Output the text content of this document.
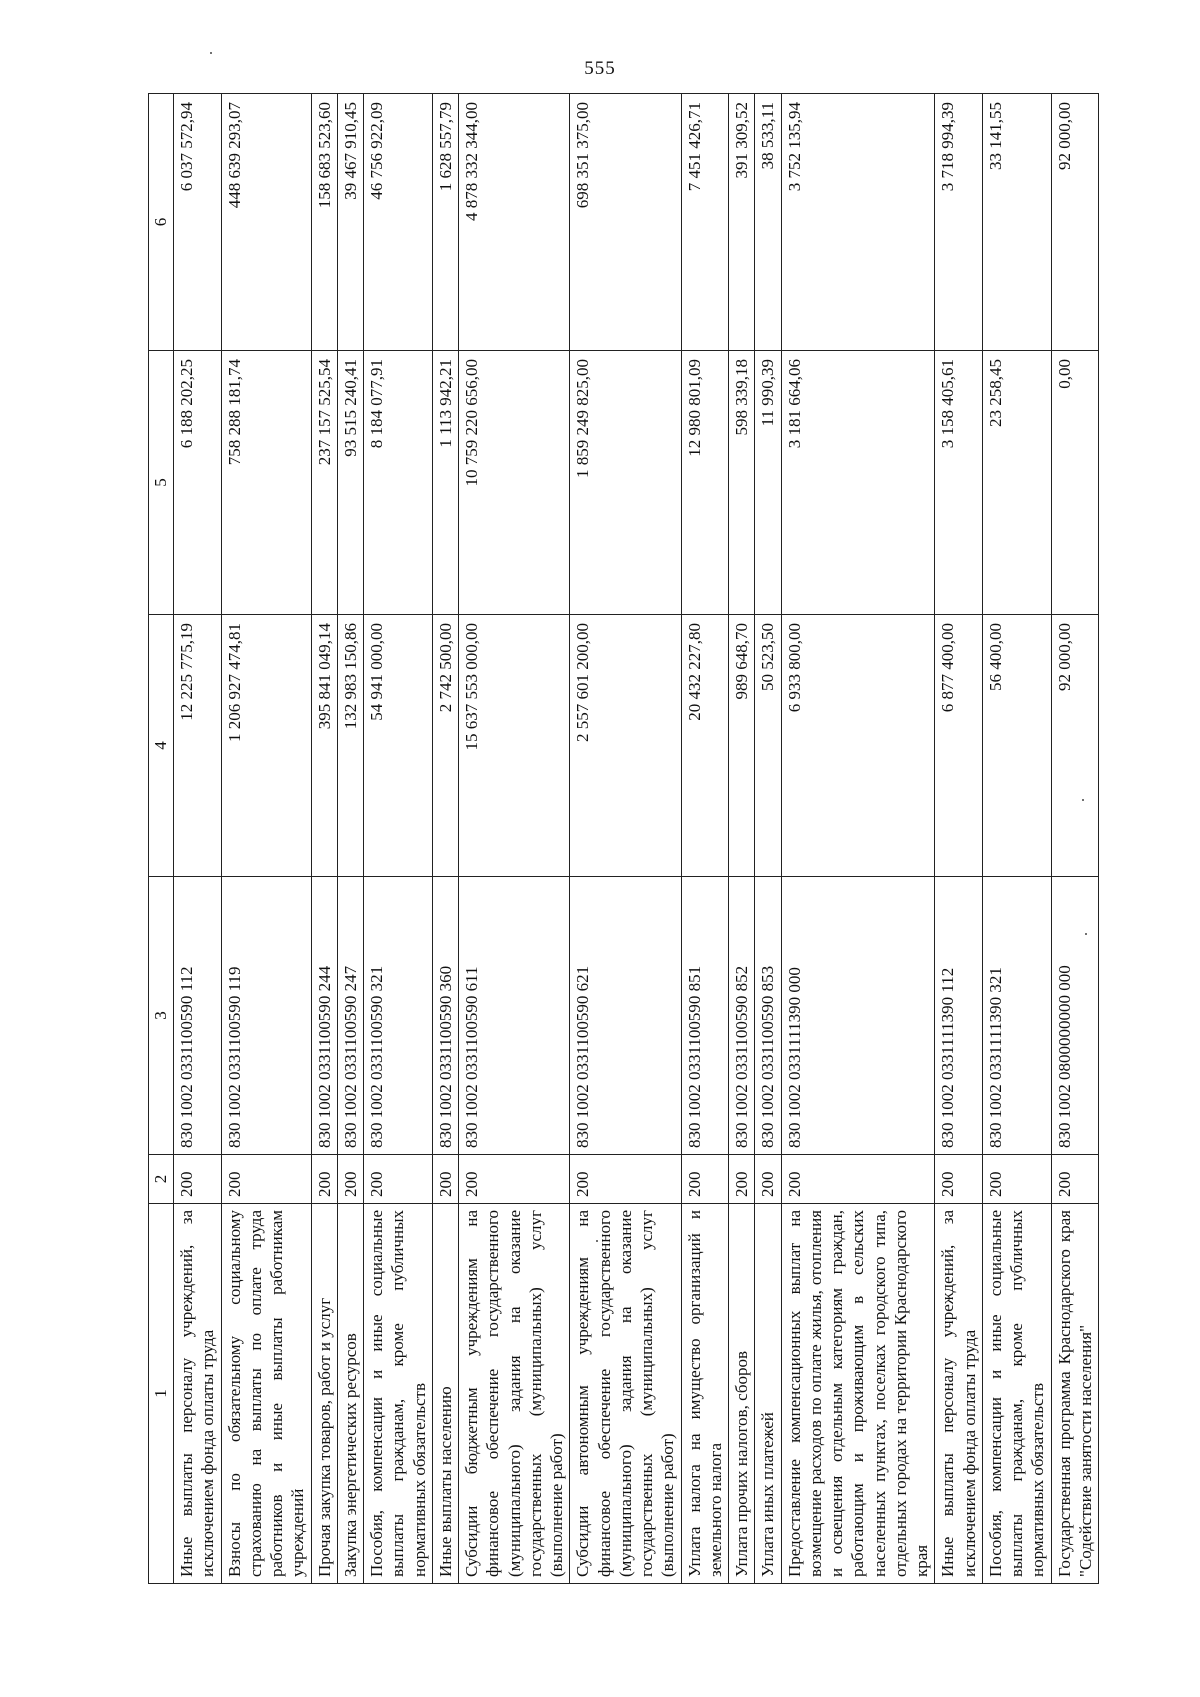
555
1	2	3	4	5	6
Иные выплаты персоналу учреждений, за исключением фонда оплаты труда	200	830 1002 0331100590 112	12 225 775,19	6 188 202,25	6 037 572,94
Взносы по обязательному социальному страхованию на выплаты по оплате труда работников и иные выплаты работникам учреждений	200	830 1002 0331100590 119	1 206 927 474,81	758 288 181,74	448 639 293,07
Прочая закупка товаров, работ и услуг	200	830 1002 0331100590 244	395 841 049,14	237 157 525,54	158 683 523,60
Закупка энергетических ресурсов	200	830 1002 0331100590 247	132 983 150,86	93 515 240,41	39 467 910,45
Пособия, компенсации и иные социальные выплаты гражданам, кроме публичных нормативных обязательств	200	830 1002 0331100590 321	54 941 000,00	8 184 077,91	46 756 922,09
Иные выплаты населению	200	830 1002 0331100590 360	2 742 500,00	1 113 942,21	1 628 557,79
Субсидии бюджетным учреждениям на финансовое обеспечение государственного (муниципального) задания на оказание государственных (муниципальных) услуг (выполнение работ)	200	830 1002 0331100590 611	15 637 553 000,00	10 759 220 656,00	4 878 332 344,00
Субсидии автономным учреждениям на финансовое обеспечение государственного (муниципального) задания на оказание государственных (муниципальных) услуг (выполнение работ)	200	830 1002 0331100590 621	2 557 601 200,00	1 859 249 825,00	698 351 375,00
Уплата налога на имущество организаций и земельного налога	200	830 1002 0331100590 851	20 432 227,80	12 980 801,09	7 451 426,71
Уплата прочих налогов, сборов	200	830 1002 0331100590 852	989 648,70	598 339,18	391 309,52
Уплата иных платежей	200	830 1002 0331100590 853	50 523,50	11 990,39	38 533,11
Предоставление компенсационных выплат на возмещение расходов по оплате жилья, отопления и освещения отдельным категориям граждан, работающим и проживающим в сельских населенных пунктах, поселках городского типа, отдельных городах на территории Краснодарского края	200	830 1002 0331111390 000	6 933 800,00	3 181 664,06	3 752 135,94
Иные выплаты персоналу учреждений, за исключением фонда оплаты труда	200	830 1002 0331111390 112	6 877 400,00	3 158 405,61	3 718 994,39
Пособия, компенсации и иные социальные выплаты гражданам, кроме публичных нормативных обязательств	200	830 1002 0331111390 321	56 400,00	23 258,45	33 141,55
Государственная программа Краснодарского края "Содействие занятости населения"	200	830 1002 0800000000 000	92 000,00	0,00	92 000,00
